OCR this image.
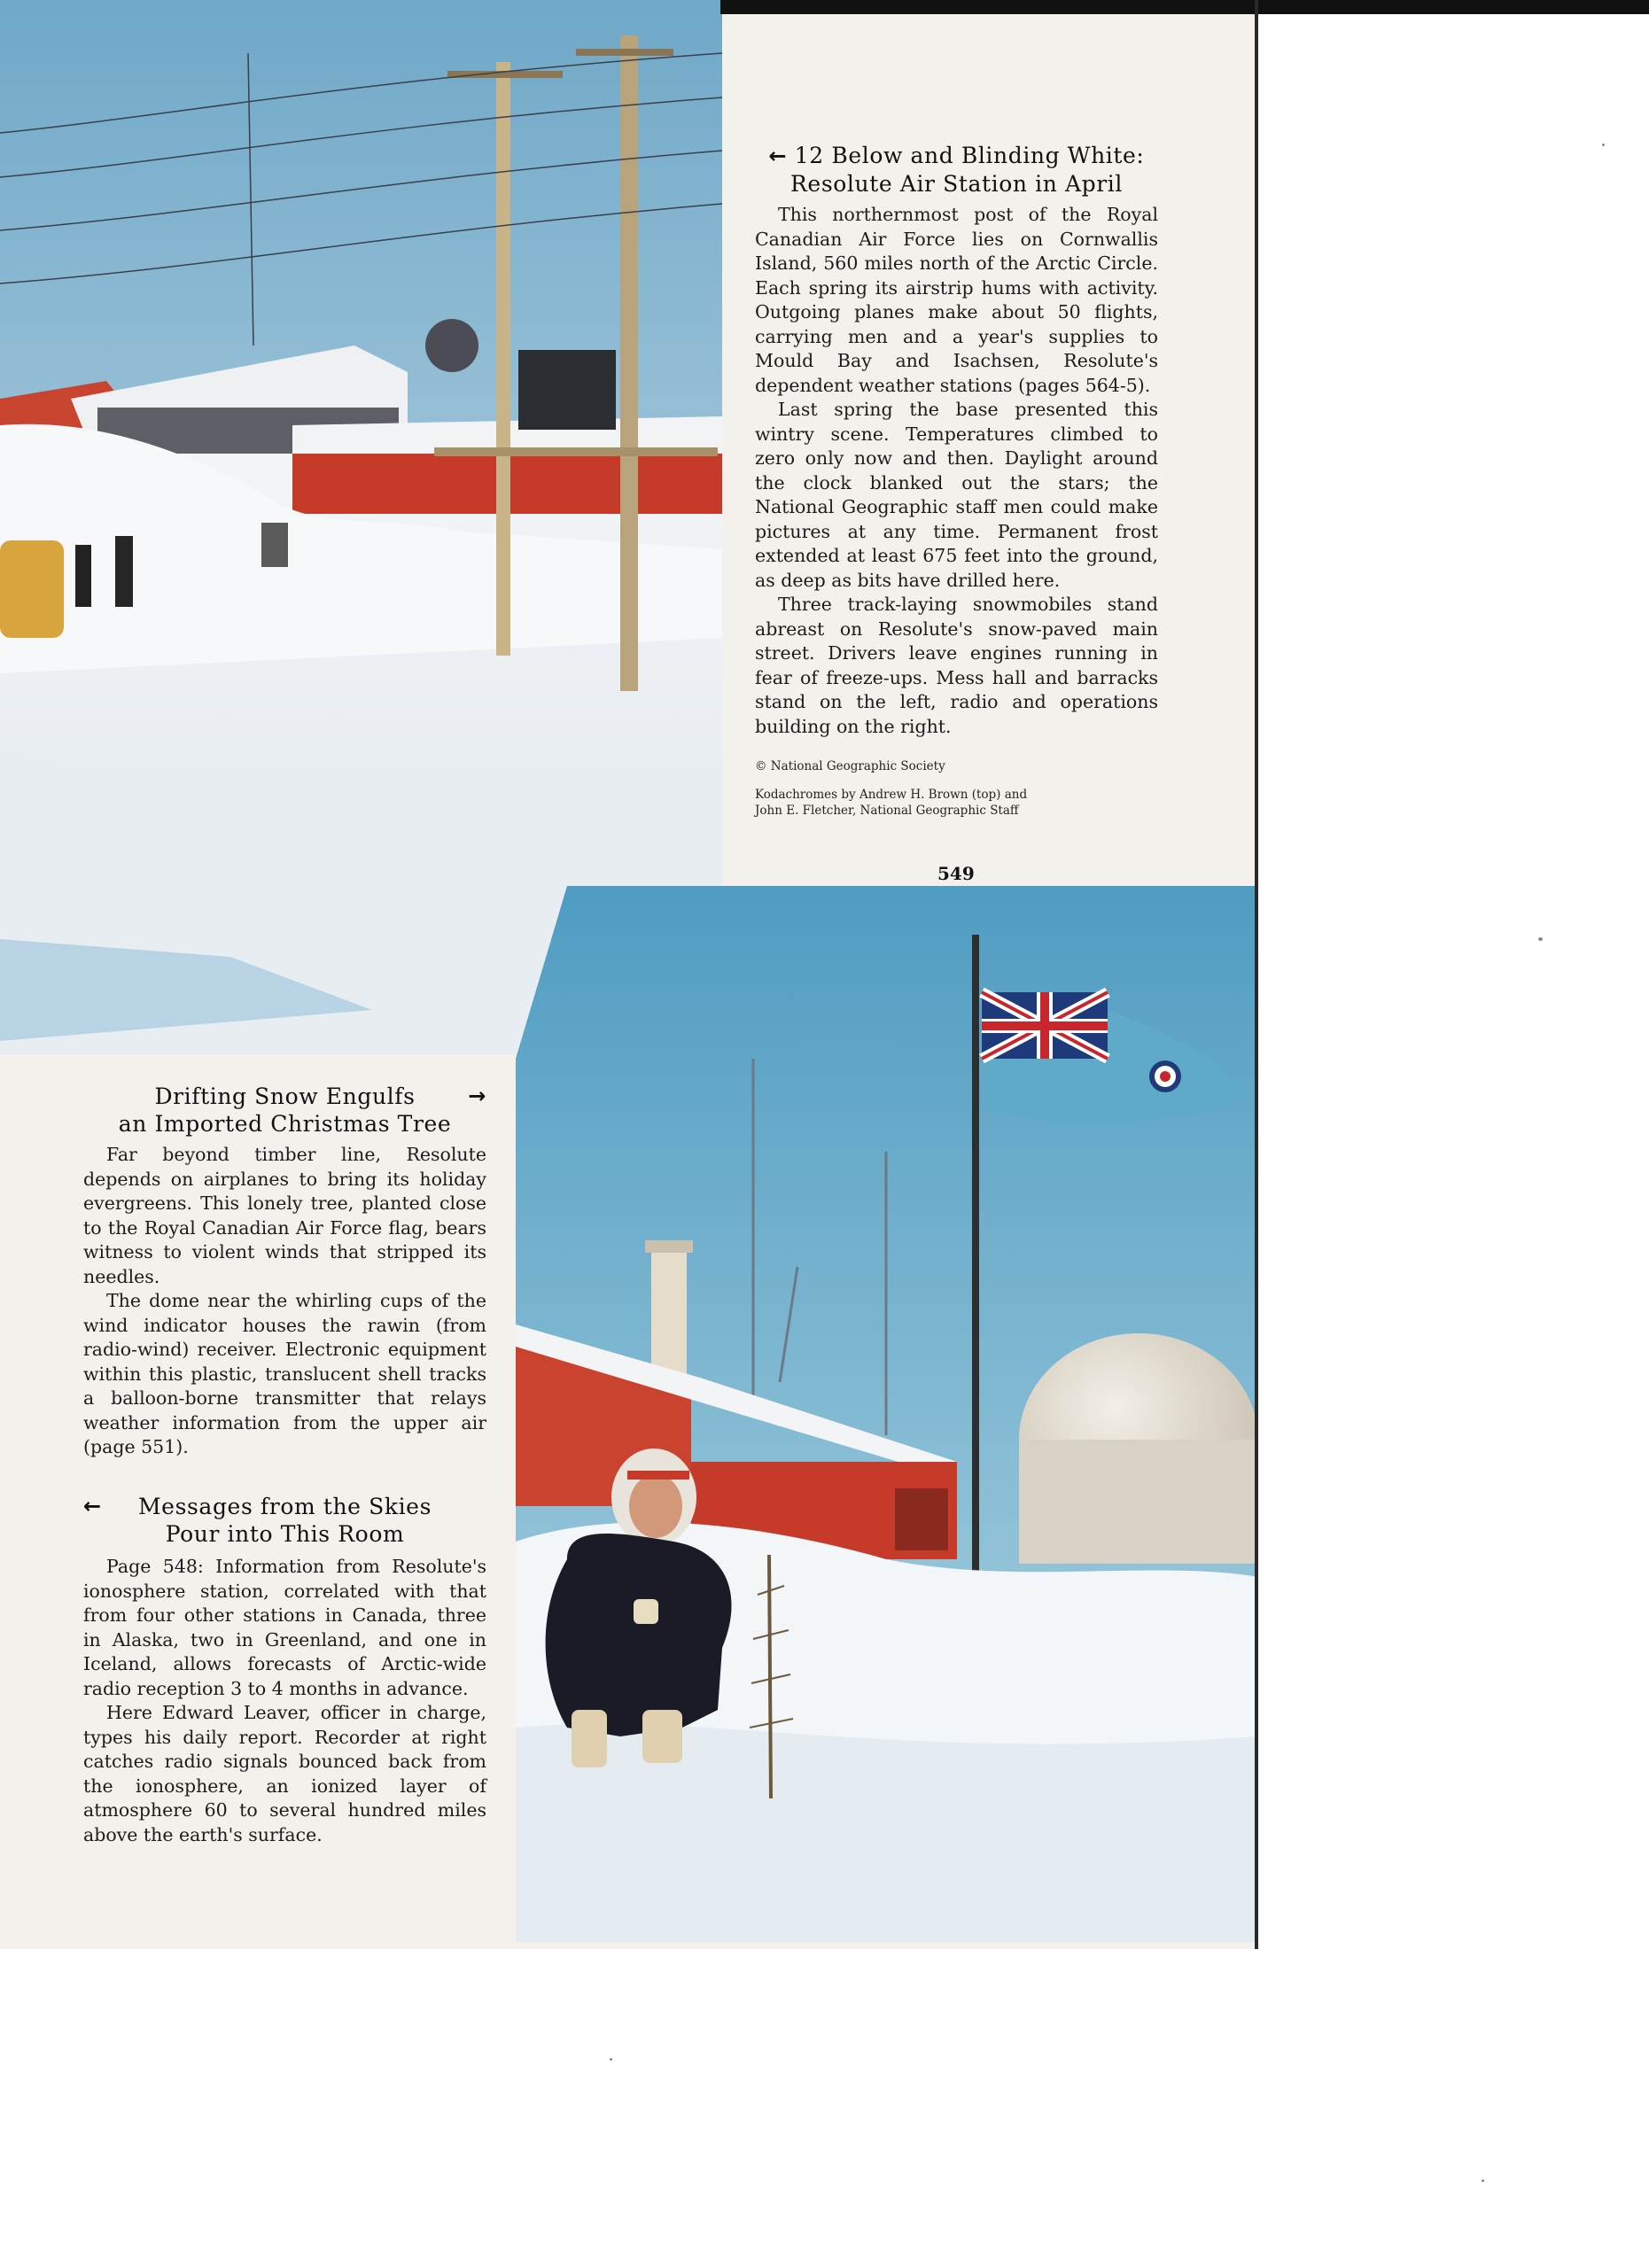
← 12 Below and Blinding White:
Resolute Air Station in April

This northernmost post of the Royal Canadian Air Force lies on Cornwallis Island, 560 miles north of the Arctic Circle. Each spring its airstrip hums with activity. Outgoing planes make about 50 flights, carrying men and a year's supplies to Mould Bay and Isachsen, Resolute's dependent weather stations (pages 564-5).

Last spring the base presented this wintry scene. Temperatures climbed to zero only now and then. Daylight around the clock blanked out the stars; the National Geographic staff men could make pictures at any time. Permanent frost extended at least 675 feet into the ground, as deep as bits have drilled here.

Three track-laying snowmobiles stand abreast on Resolute's snow-paved main street. Drivers leave engines running in fear of freeze-ups. Mess hall and barracks stand on the left, radio and operations building on the right.

© National Geographic Society
Kodachromes by Andrew H. Brown (top) and
John E. Fletcher, National Geographic Staff
549
Drifting Snow Engulfs →

an Imported Christmas Tree

Far beyond timber line, Resolute depends on airplanes to bring its holiday evergreens. This lonely tree, planted close to the Royal Canadian Air Force flag, bears witness to violent winds that stripped its needles.

The dome near the whirling cups of the wind indicator houses the rawin (from radio-wind) receiver. Electronic equipment within this plastic, translucent shell tracks a balloon-borne transmitter that relays weather information from the upper air (page 551).

← Messages from the Skies
Pour into This Room

Page 548: Information from Resolute's ionosphere station, correlated with that from four other stations in Canada, three in Alaska, two in Greenland, and one in Iceland, allows forecasts of Arctic-wide radio reception 3 to 4 months in advance.

Here Edward Leaver, officer in charge, types his daily report. Recorder at right catches radio signals bounced back from the ionosphere, an ionized layer of atmosphere 60 to several hundred miles above the earth's surface.
